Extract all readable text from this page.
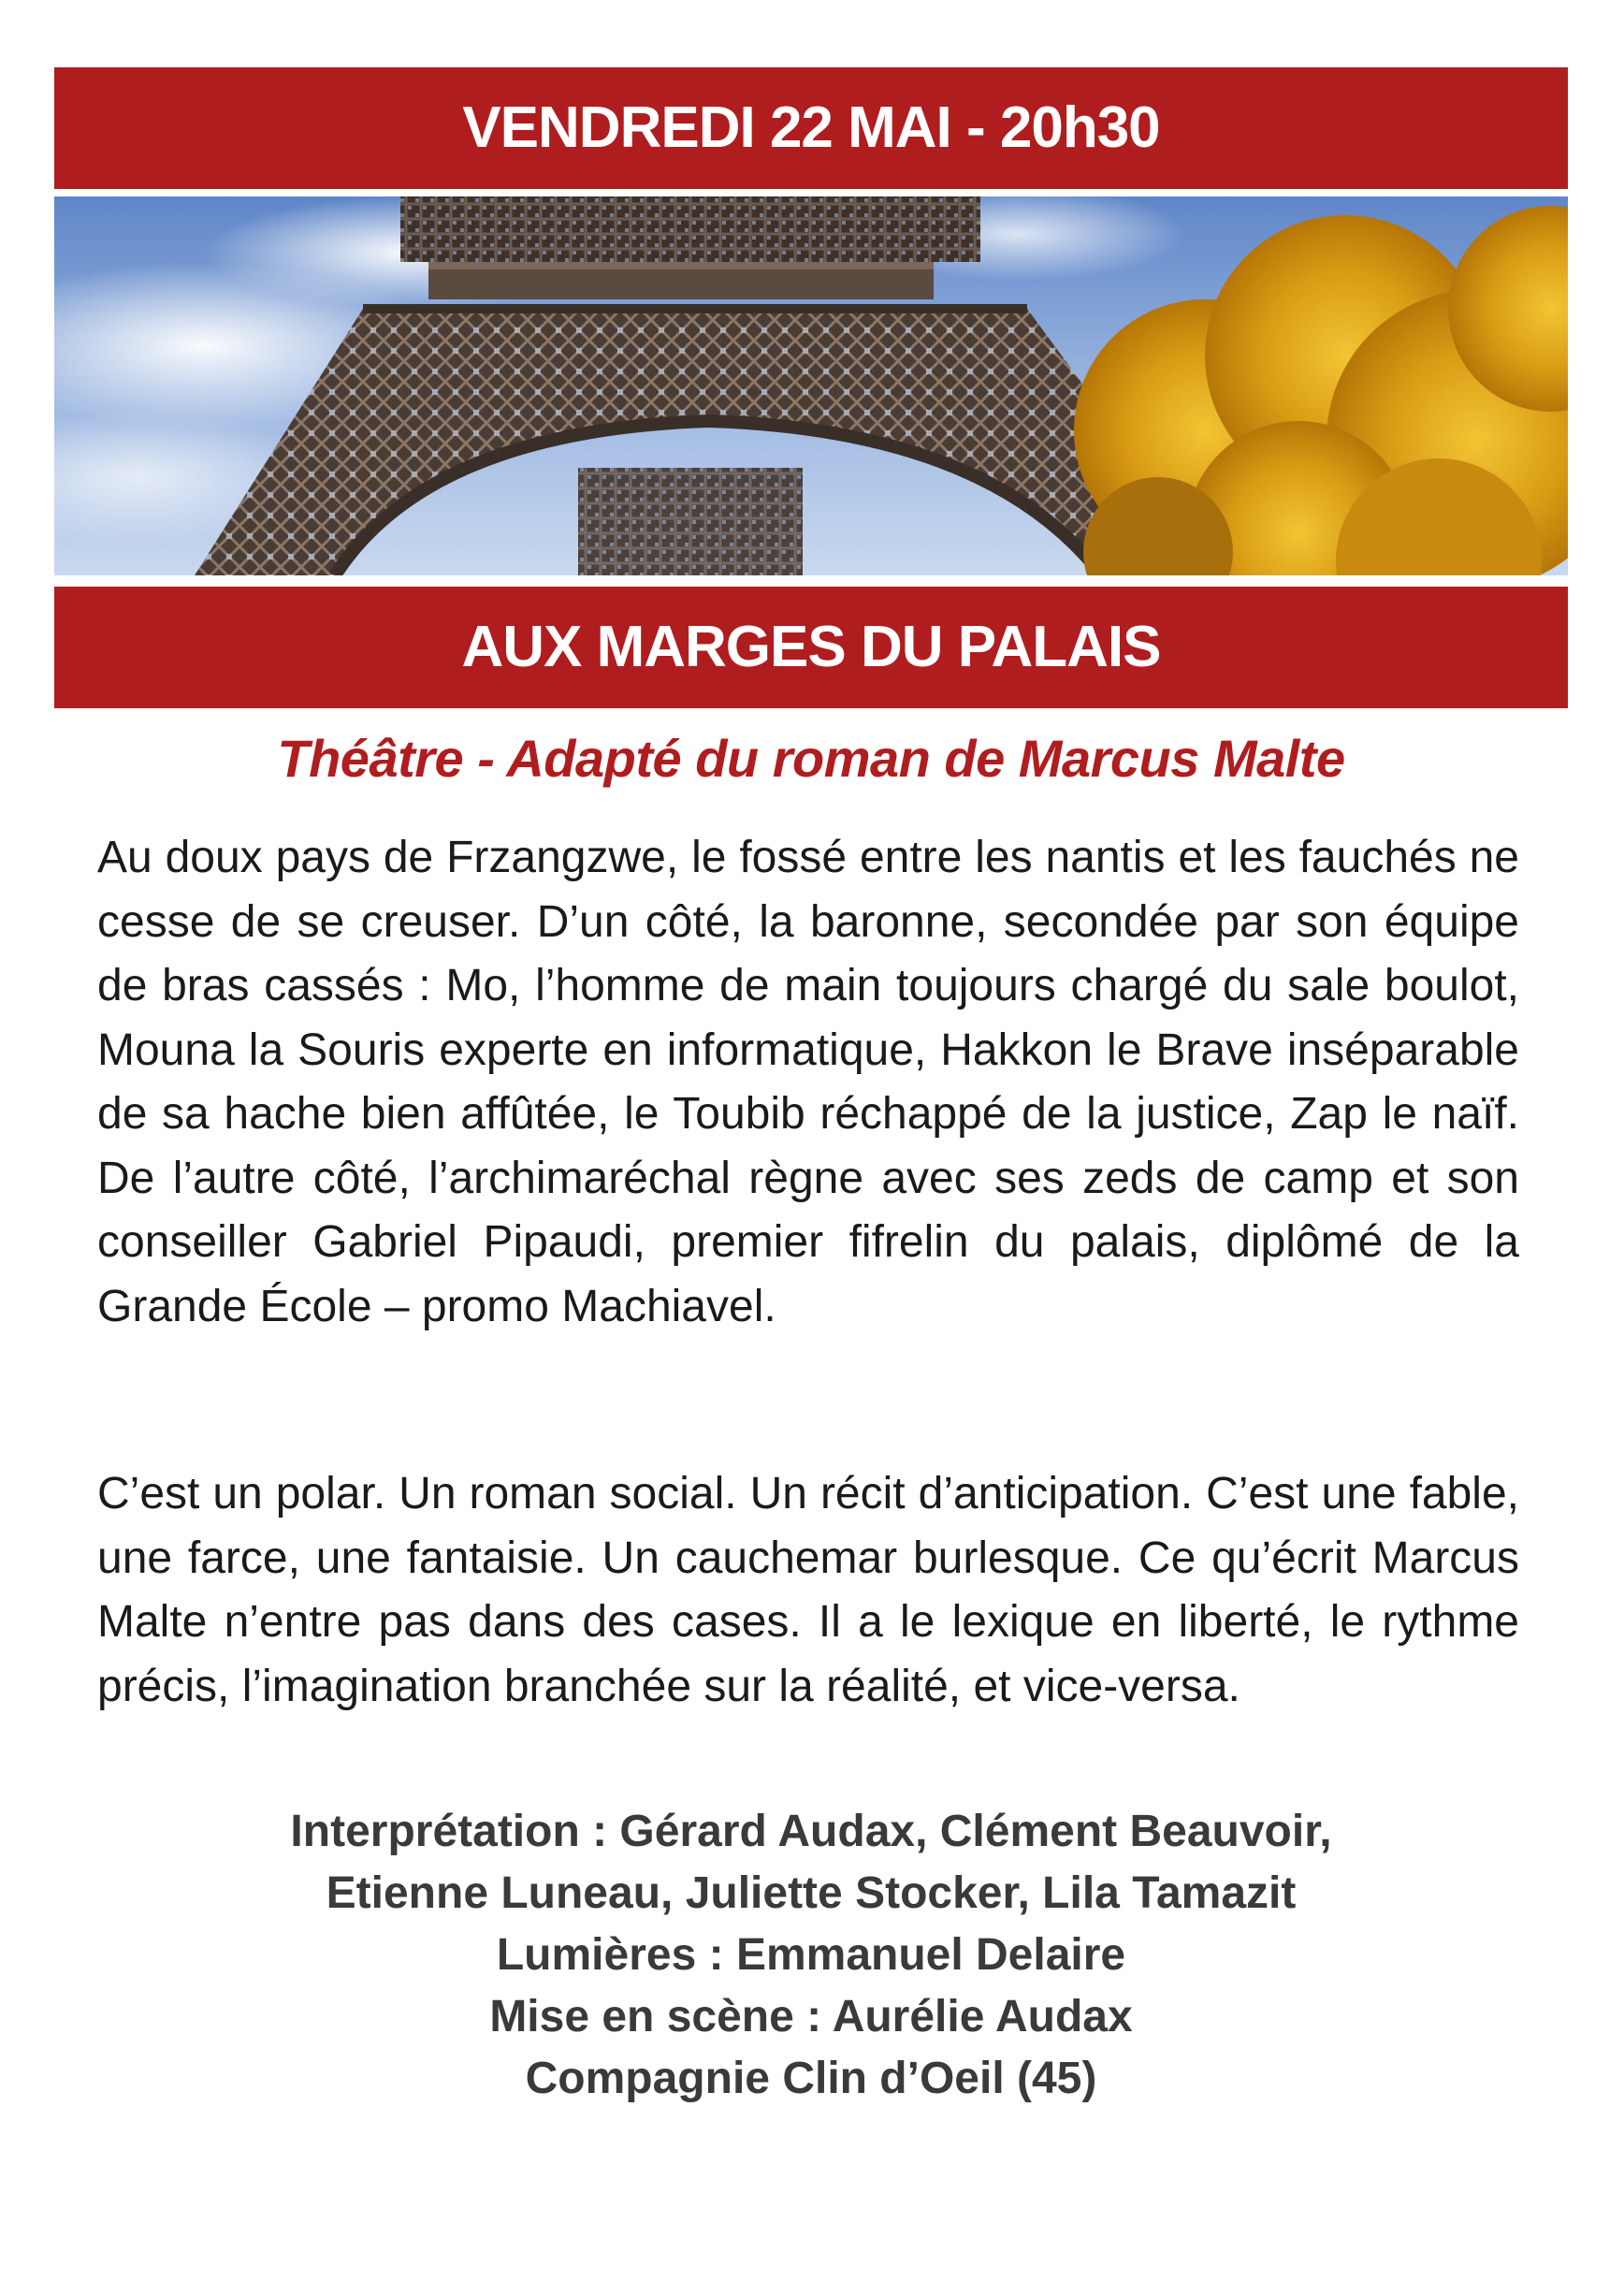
VENDREDI 22 MAI - 20h30
AUX MARGES DU PALAIS
Théâtre - Adapté du roman de Marcus Malte
Au doux pays de Frzangzwe, le fossé entre les nantis et les fauchés ne cesse de se creuser. D’un côté, la baronne, secondée par son équipe de bras cassés : Mo, l’homme de main toujours chargé du sale boulot, Mouna la Souris experte en informatique, Hakkon le Brave inséparable de sa hache bien affûtée, le Toubib réchappé de la justice, Zap le naïf. De l’autre côté, l’archimaréchal règne avec ses zeds de camp et son conseiller Gabriel Pipaudi, premier fifrelin du palais, diplômé de la Grande École – promo Machiavel.
C’est un polar. Un roman social. Un récit d’anticipation. C’est une fable, une farce, une fantaisie. Un cauchemar burlesque. Ce qu’écrit Marcus Malte n’entre pas dans des cases. Il a le lexique en liberté, le rythme précis, l’imagination branchée sur la réalité, et vice-versa.
Interprétation : Gérard Audax, Clément Beauvoir,
Etienne Luneau, Juliette Stocker, Lila Tamazit
Lumières : Emmanuel Delaire
Mise en scène : Aurélie Audax
Compagnie Clin d’Oeil (45)
